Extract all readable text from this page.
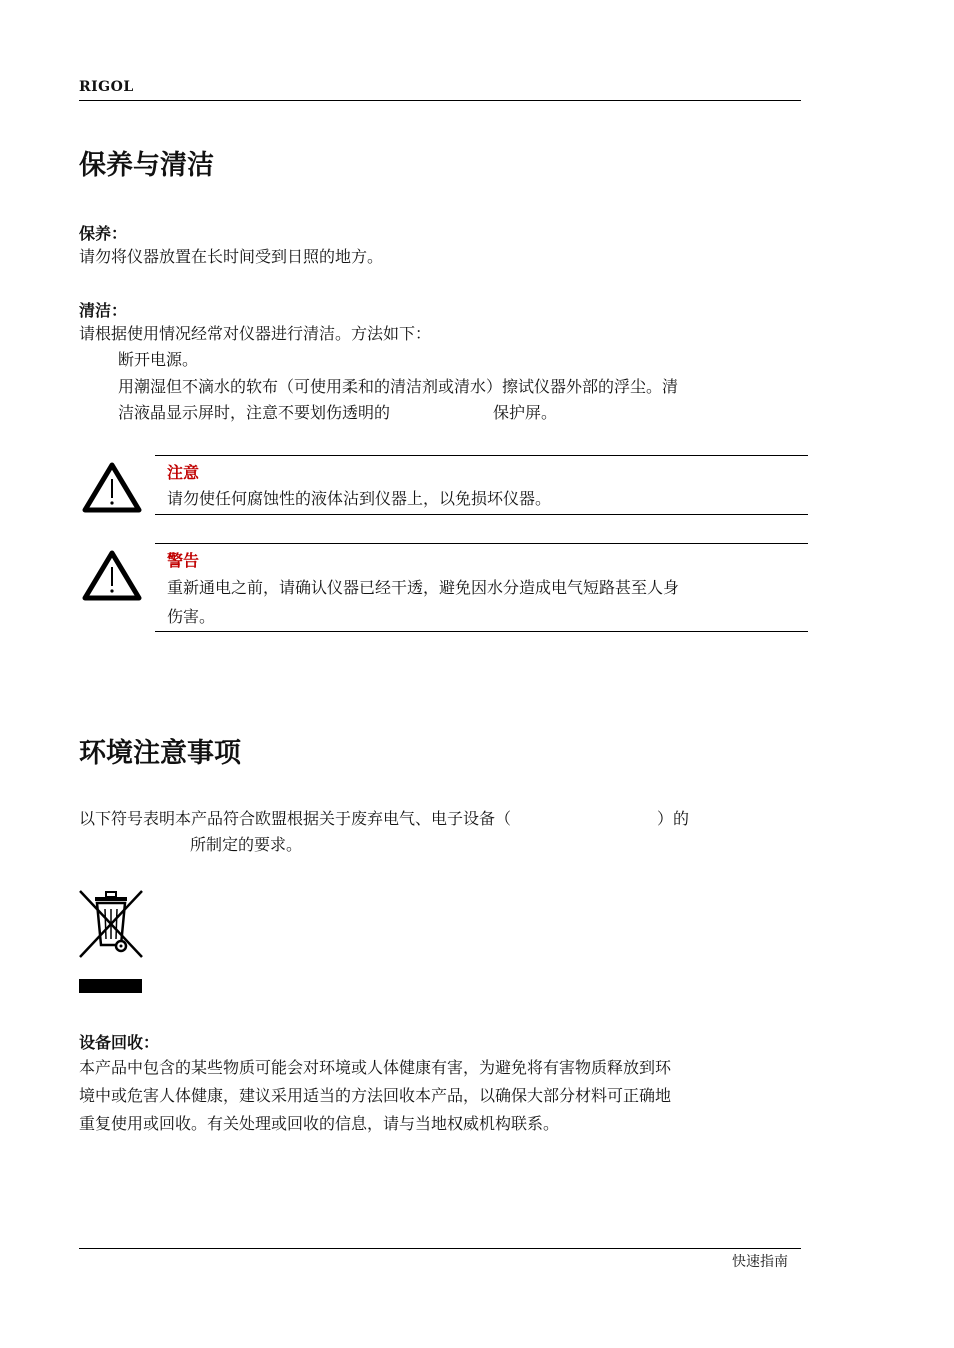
RIGOL
保养与清洁
保养：
请勿将仪器放置在长时间受到日照的地方。
清洁：
请根据使用情况经常对仪器进行清洁。方法如下：
断开电源。
用潮湿但不滴水的软布（可使用柔和的清洁剂或清水）擦试仪器外部的浮尘。清
洁液晶显示屏时，注意不要划伤透明的	保护屏。
注意
请勿使任何腐蚀性的液体沾到仪器上，以免损坏仪器。
警告
重新通电之前，请确认仪器已经干透，避免因水分造成电气短路甚至人身
伤害。
环境注意事项
以下符号表明本产品符合欧盟根据关于废弃电气、电子设备（	）的
所制定的要求。
设备回收：
本产品中包含的某些物质可能会对环境或人体健康有害，为避免将有害物质释放到环
境中或危害人体健康，建议采用适当的方法回收本产品，以确保大部分材料可正确地
重复使用或回收。有关处理或回收的信息，请与当地权威机构联系。
快速指南
